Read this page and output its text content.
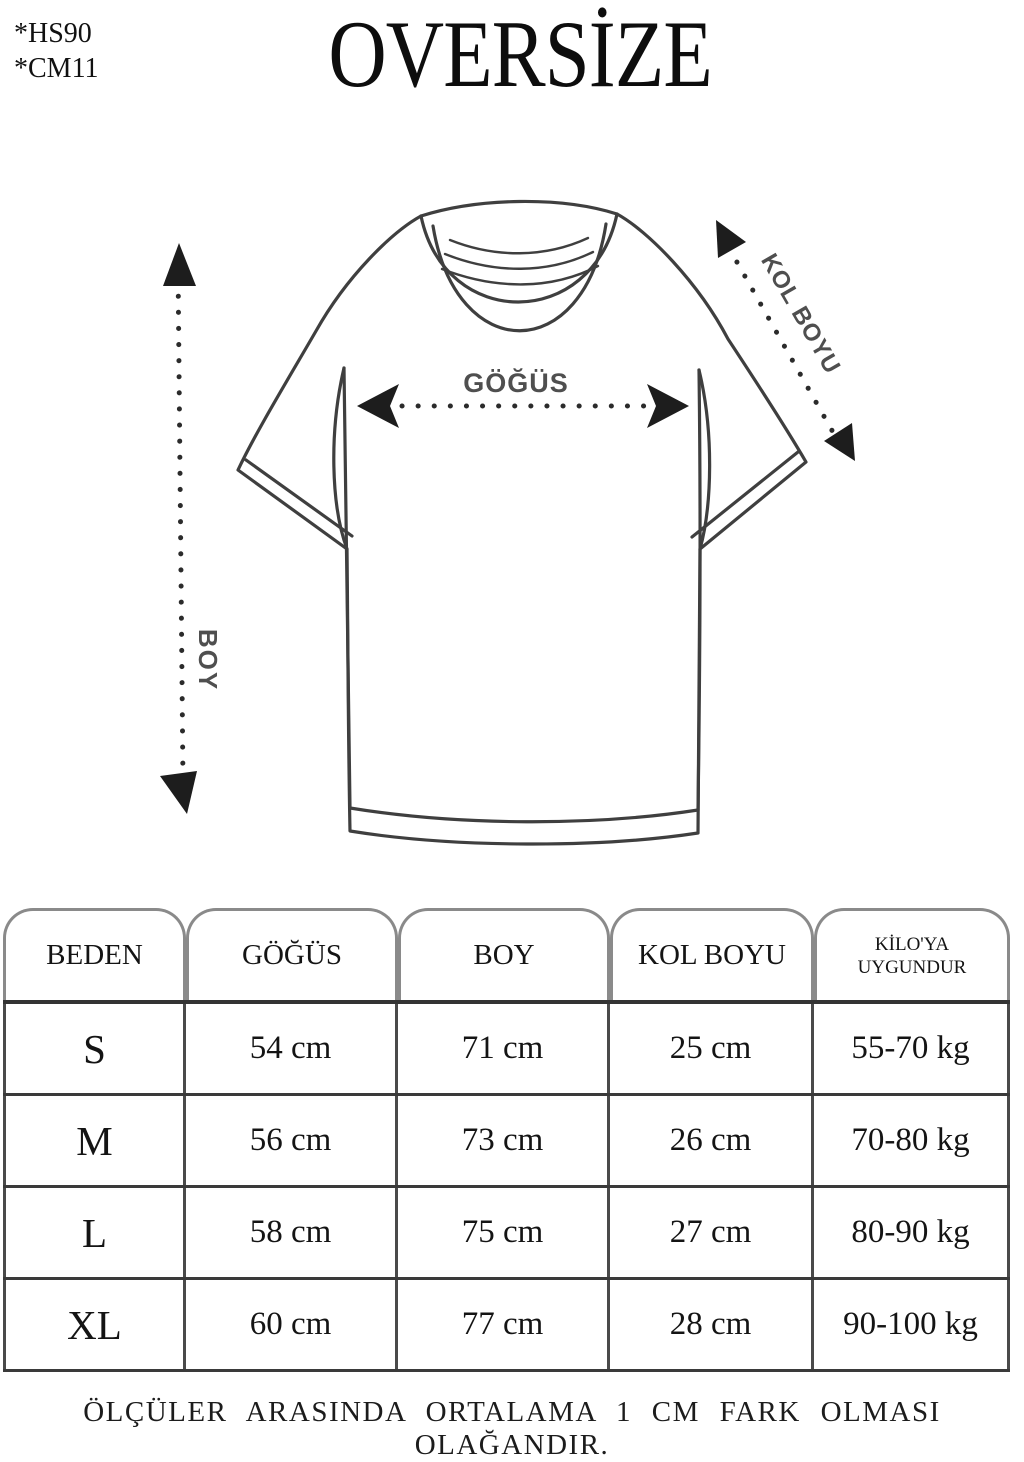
*HS90
*CM11	OVERSİZE
BOY
GÖĞÜS
KOL BOYU
BEDEN	GÖĞÜS	BOY	KOL BOYU	KİLO'YA UYGUNDUR
S	54 cm	71 cm	25 cm	55-70 kg
M	56 cm	73 cm	26 cm	70-80 kg
L	58 cm	75 cm	27 cm	80-90 kg
XL	60 cm	77 cm	28 cm	90-100 kg
ÖLÇÜLER ARASINDA ORTALAMA 1 CM FARK OLMASI OLAĞANDIR.
